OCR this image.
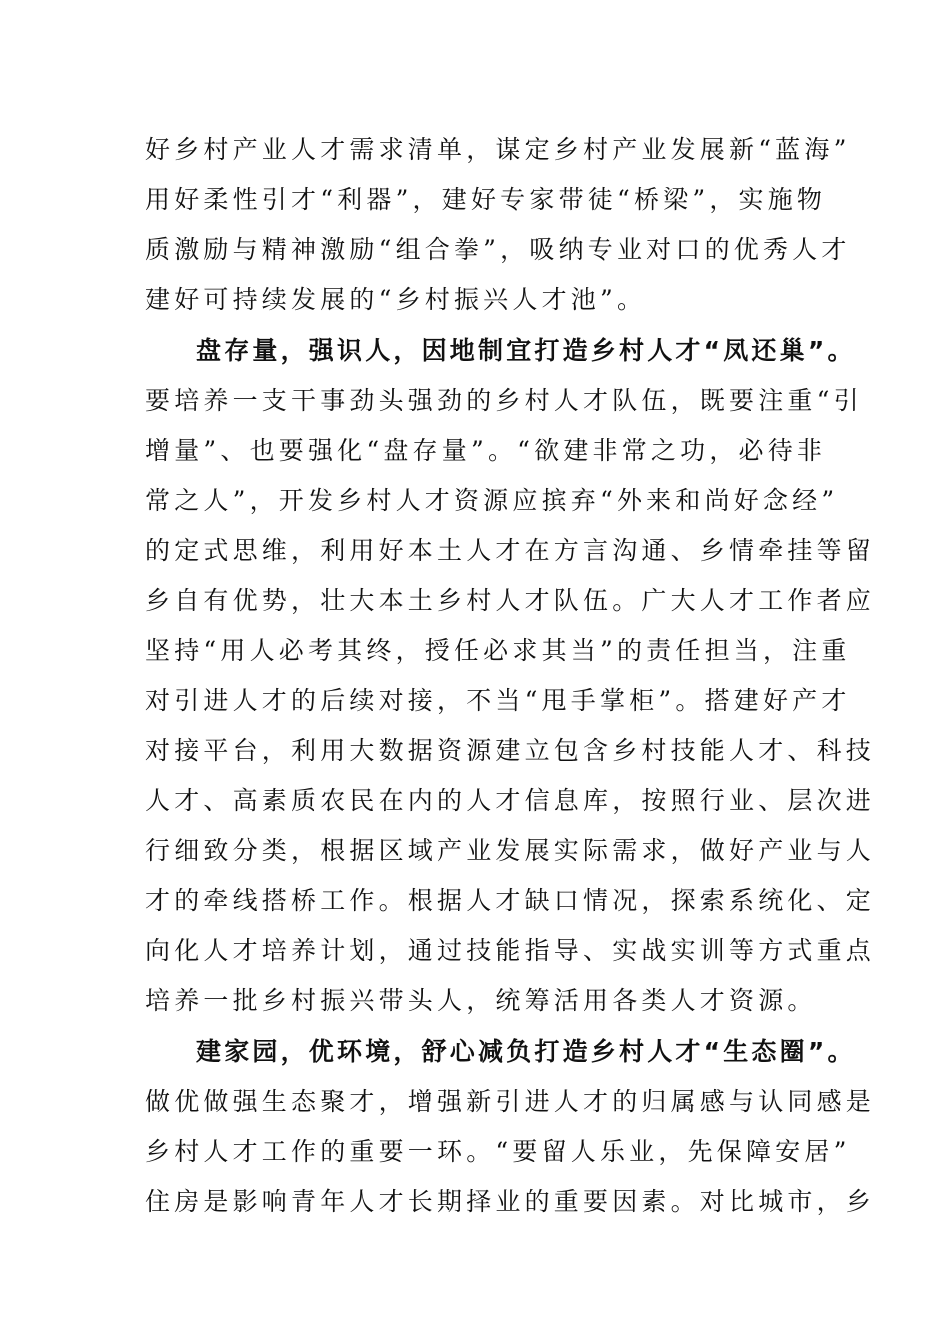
好乡村产业人才需求清单，谋定乡村产业发展新“蓝海”
用好柔性引才“利器”，建好专家带徒“桥梁”，实施物
质激励与精神激励“组合拳”，吸纳专业对口的优秀人才
建好可持续发展的“乡村振兴人才池”。
盘存量，强识人，因地制宜打造乡村人才“凤还巢”。
要培养一支干事劲头强劲的乡村人才队伍，既要注重“引
增量”、也要强化“盘存量”。“欲建非常之功，必待非
常之人”，开发乡村人才资源应摈弃“外来和尚好念经”
的定式思维，利用好本土人才在方言沟通、乡情牵挂等留
乡自有优势，壮大本土乡村人才队伍。广大人才工作者应
坚持“用人必考其终，授任必求其当”的责任担当，注重
对引进人才的后续对接，不当“甩手掌柜”。搭建好产才
对接平台，利用大数据资源建立包含乡村技能人才、科技
人才、高素质农民在内的人才信息库，按照行业、层次进
行细致分类，根据区域产业发展实际需求，做好产业与人
才的牵线搭桥工作。根据人才缺口情况，探索系统化、定
向化人才培养计划，通过技能指导、实战实训等方式重点
培养一批乡村振兴带头人，统筹活用各类人才资源。
建家园，优环境，舒心减负打造乡村人才“生态圈”。
做优做强生态聚才，增强新引进人才的归属感与认同感是
乡村人才工作的重要一环。“要留人乐业，先保障安居”
住房是影响青年人才长期择业的重要因素。对比城市，乡
